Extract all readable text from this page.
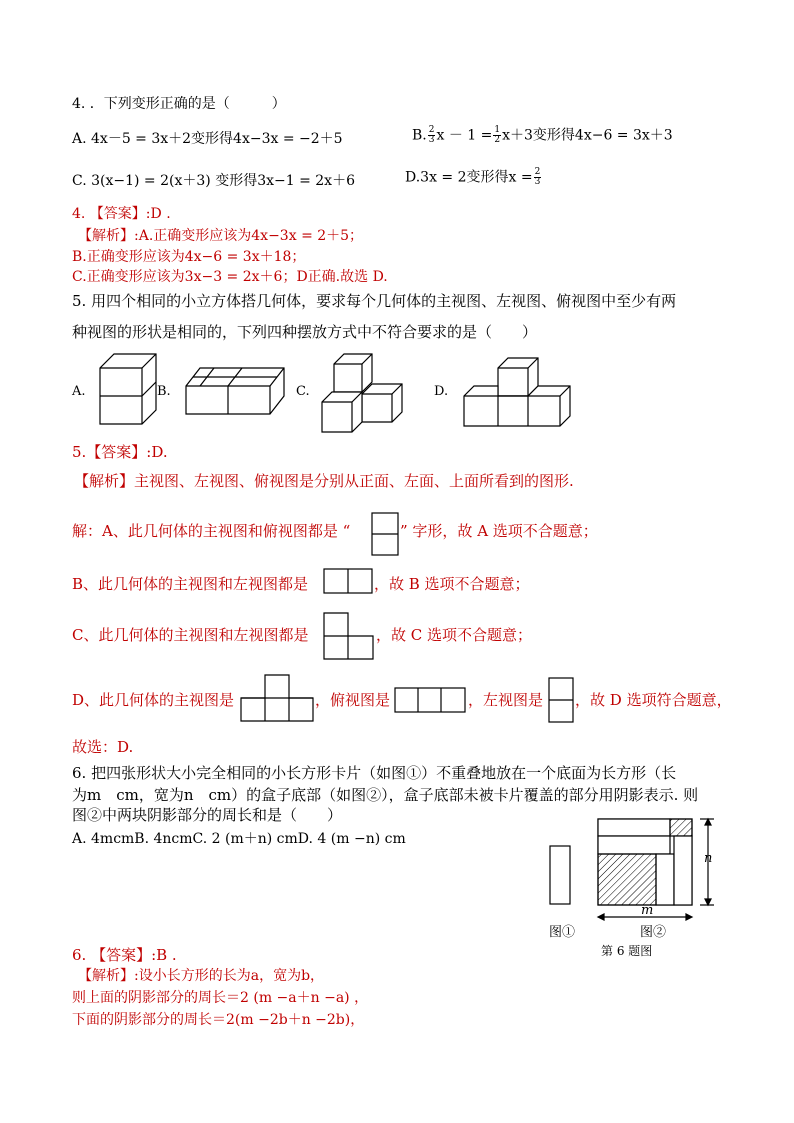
4. ．下列变形正确的是（　　　）
A. 4x－5 = 3x＋2变形得4x−3x = −2＋5	B. $\frac{2}{3}$ $x - 1 = \frac{1}{2} x+3$变形得4x−6 = 3x＋3
C. 3(x−1) = 2(x＋3) 变形得3x−1 = 2x＋6	D.3x = 2变形得$x = \frac{2}{3}$
4. 【答案】:D .
【解析】:A.正确变形应该为4x−3x = 2＋5；
B.正确变形应该为4x−6 = 3x＋18；
C.正确变形应该为3x−3 = 2x＋6；D正确.故选 D.
5. 用四个相同的小立方体搭几何体，要求每个几何体的主视图、左视图、俯视图中至少有两
种视图的形状是相同的，下列四种摆放方式中不符合要求的是（　　）
A.	B.	C.	D.
5.【答案】:D.
【解析】主视图、左视图、俯视图是分别从正面、左面、上面所看到的图形.
解：A、此几何体的主视图和俯视图都是 “	” 字形，故 A 选项不合题意；
B、此几何体的主视图和左视图都是	，故 B 选项不合题意；
C、此几何体的主视图和左视图都是	，故 C 选项不合题意；
D、此几何体的主视图是	，俯视图是	，左视图是 ，故 D 选项符合题意，
故选：D.
6. 把四张形状大小完全相同的小长方形卡片（如图①）不重叠地放在一个底面为长方形（长
为m　cm，宽为n　cm）的盒子底部（如图②），盒子底部未被卡片覆盖的部分用阴影表示. 则
图②中两块阴影部分的周长和是（　　）
A. 4mcmB. 4ncmC. 2 (m＋n) cmD. 4 (m −n) cm
图①
n
m
图②
第 6 题图
6. 【答案】:B .
【解析】:设小长方形的长为a，宽为b，
则上面的阴影部分的周长＝2 (m −a＋n −a) ，
下面的阴影部分的周长＝2(m −2b＋n −2b)，
